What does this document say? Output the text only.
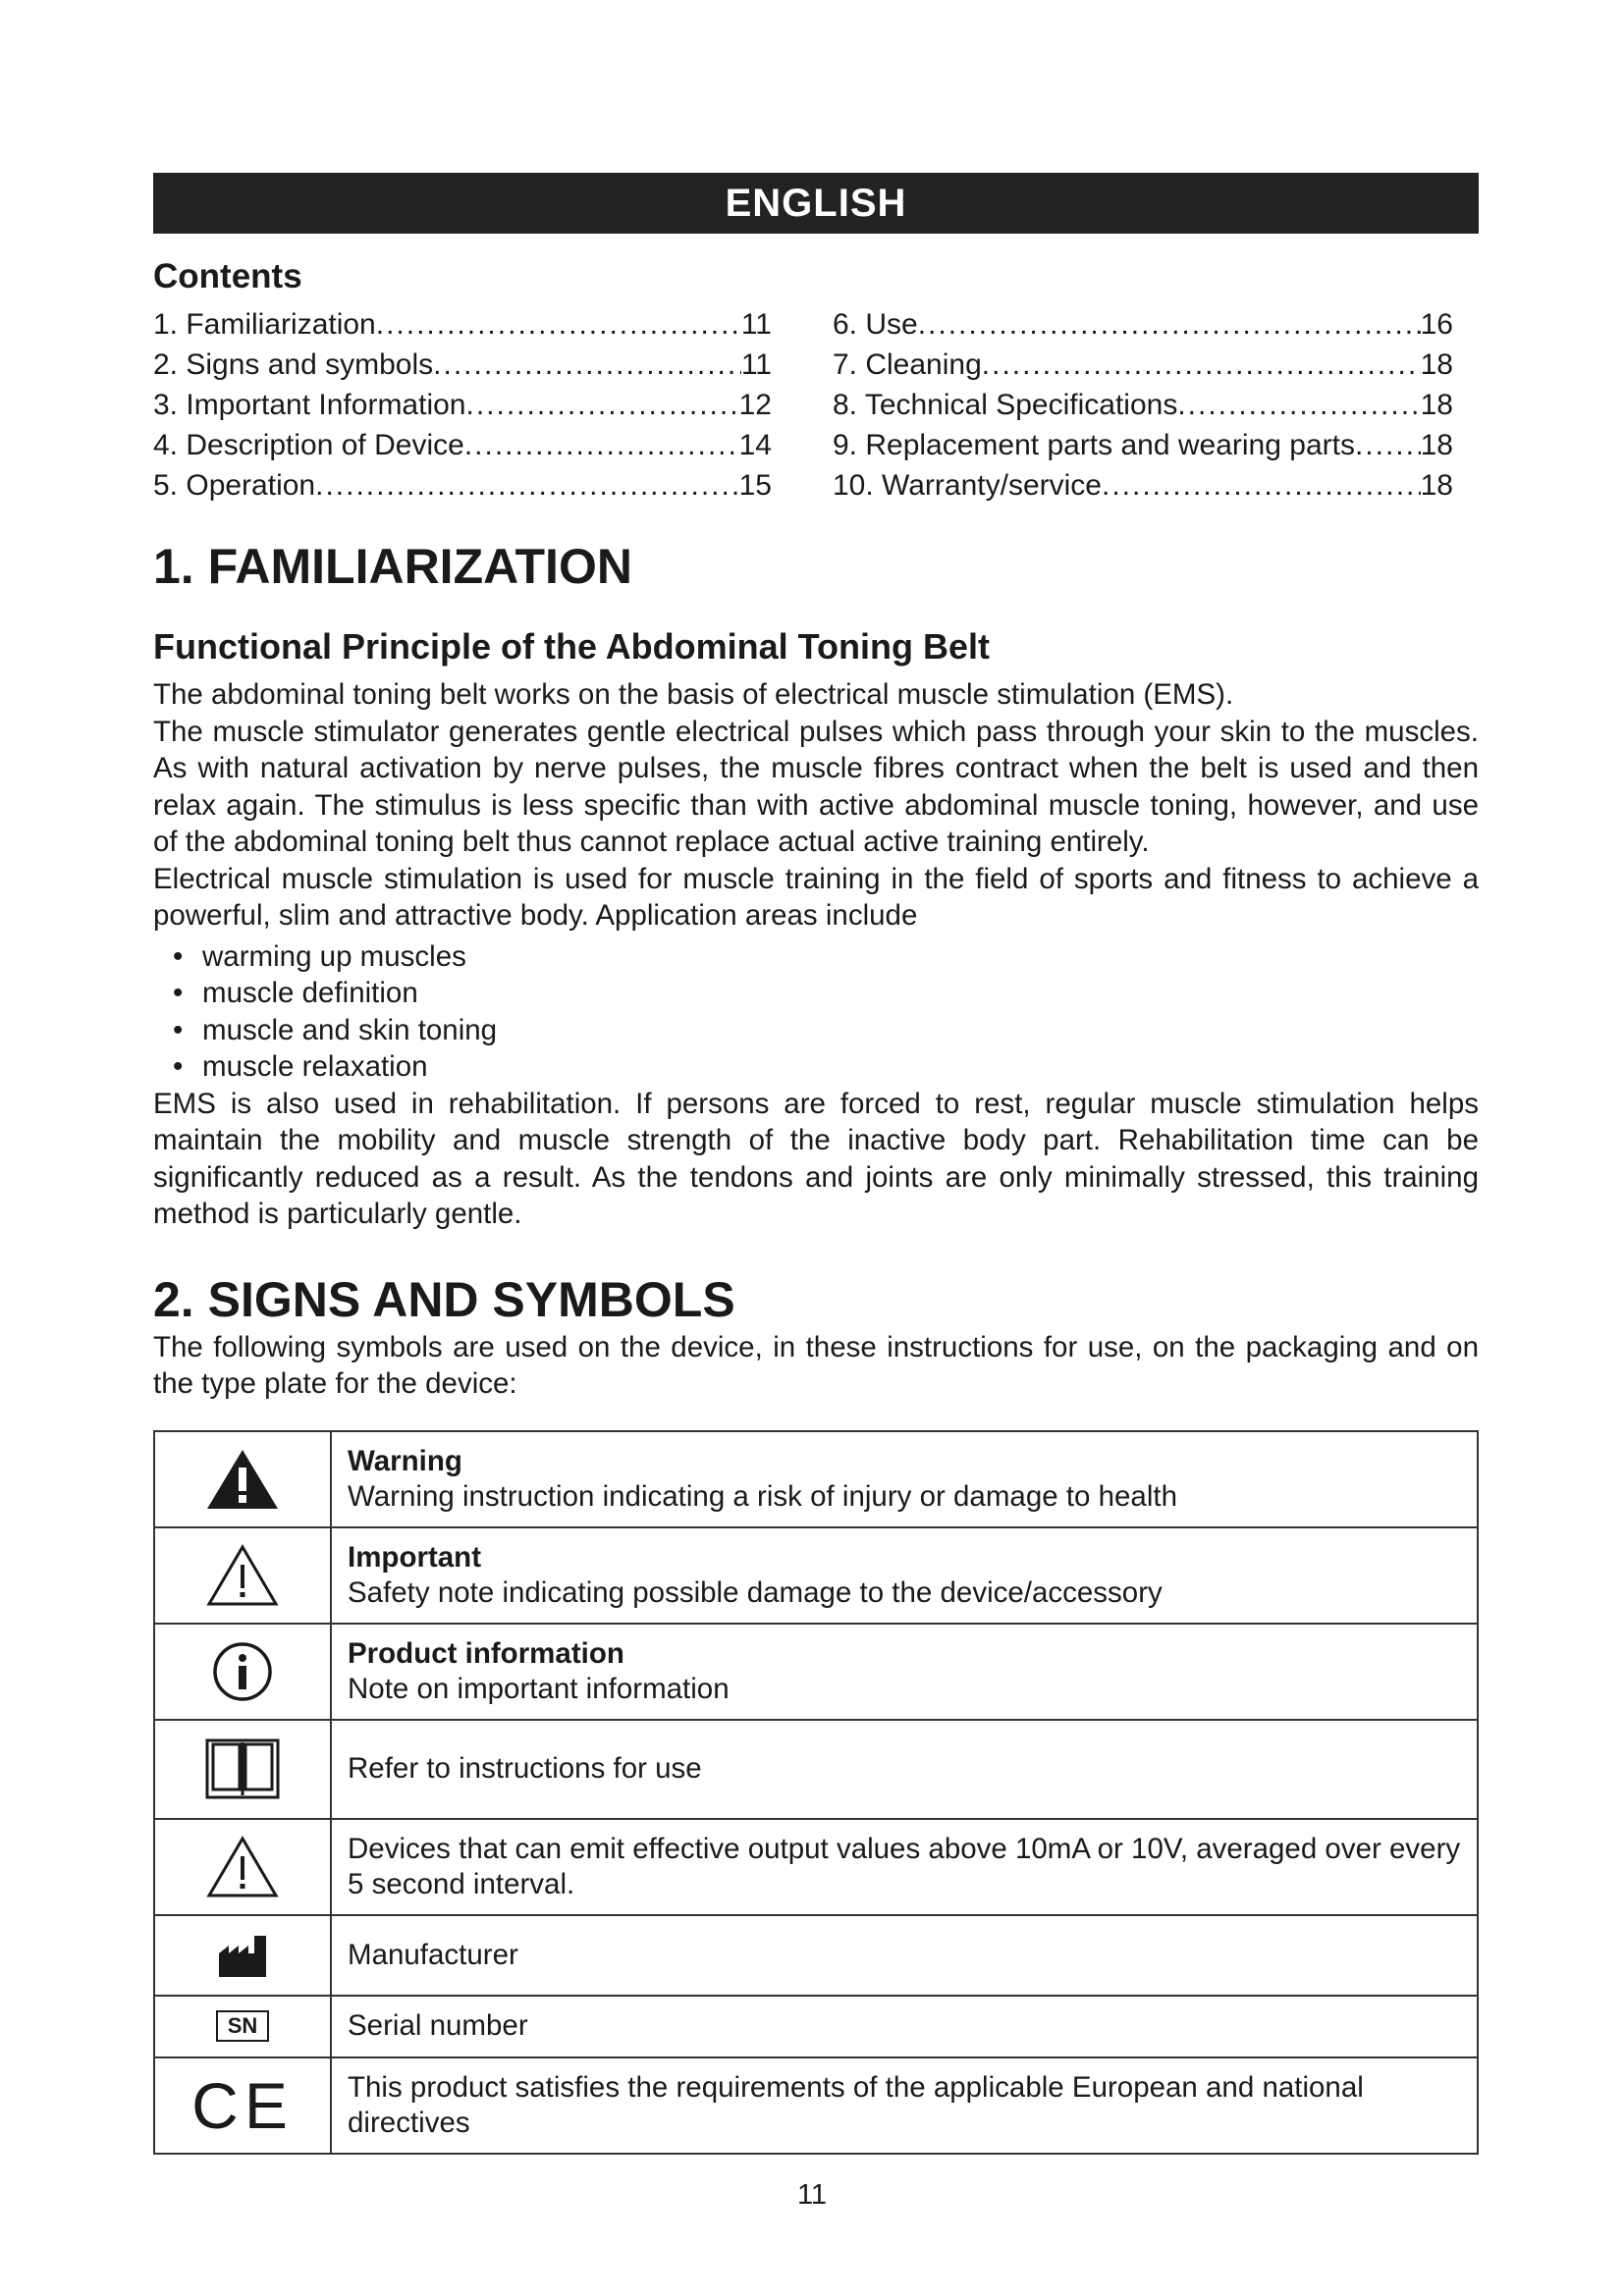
ENGLISH
Contents
1. Familiarization .....	11
2. Signs and symbols .....	11
3. Important Information .....	12
4. Description of Device .....	14
5. Operation .....	15
6. Use .....	16
7. Cleaning .....	18
8. Technical Specifications .....	18
9. Replacement parts and wearing parts ..... 18
10. Warranty/service .....	18
1. FAMILIARIZATION
Functional Principle of the Abdominal Toning Belt

The abdominal toning belt works on the basis of electrical muscle stimulation (EMS).

The muscle stimulator generates gentle electrical pulses which pass through your skin to the muscles. As with natural activation by nerve pulses, the muscle fibres contract when the belt is used and then relax again. The stimulus is less specific than with active abdominal muscle toning, however, and use of the abdominal toning belt thus cannot replace actual active training entirely.

Electrical muscle stimulation is used for muscle training in the field of sports and fitness to achieve a powerful, slim and attractive body. Application areas include

• warming up muscles
• muscle definition
• muscle and skin toning
• muscle relaxation

EMS is also used in rehabilitation. If persons are forced to rest, regular muscle stimulation helps maintain the mobility and muscle strength of the inactive body part. Rehabilitation time can be significantly reduced as a result. As the tendons and joints are only minimally stressed, this training method is particularly gentle.

2. SIGNS AND SYMBOLS

The following symbols are used on the device, in these instructions for use, on the packaging and on the type plate for the device:

Warning
Warning instruction indicating a risk of injury or damage to health

Important
Safety note indicating possible damage to the device/accessory

Product information
Note on important information

Refer to instructions for use

Devices that can emit effective output values above 10mA or 10V, averaged over every 5 second interval.

Manufacturer

SN	Serial number

CE	This product satisfies the requirements of the applicable European and national directives
11
